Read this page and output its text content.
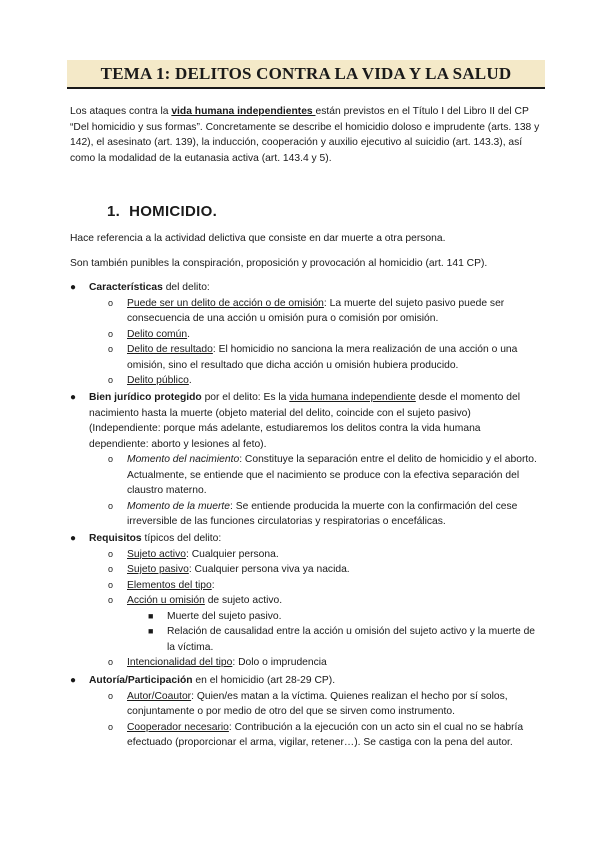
TEMA 1: DELITOS CONTRA LA VIDA Y LA SALUD
Los ataques contra la vida humana independientes están previstos en el Título I del Libro II del CP “Del homicidio y sus formas”. Concretamente se describe el homicidio doloso e imprudente (arts. 138 y 142), el asesinato (art. 139), la inducción, cooperación y auxilio ejecutivo al suicidio (art. 143.3), así como la modalidad de la eutanasia activa (art. 143.4 y 5).
1. HOMICIDIO.
Hace referencia a la actividad delictiva que consiste en dar muerte a otra persona.
Son también punibles la conspiración, proposición y provocación al homicidio (art. 141 CP).
● Características del delito:
o Puede ser un delito de acción o de omisión: La muerte del sujeto pasivo puede ser consecuencia de una acción u omisión pura o comisión por omisión.
o Delito común.
o Delito de resultado: El homicidio no sanciona la mera realización de una acción o una omisión, sino el resultado que dicha acción u omisión hubiera producido.
o Delito público.
● Bien jurídico protegido por el delito: Es la vida humana independiente desde el momento del nacimiento hasta la muerte (objeto material del delito, coincide con el sujeto pasivo) (Independiente: porque más adelante, estudiaremos los delitos contra la vida humana dependiente: aborto y lesiones al feto).
o Momento del nacimiento: Constituye la separación entre el delito de homicidio y el aborto. Actualmente, se entiende que el nacimiento se produce con la efectiva separación del claustro materno.
o Momento de la muerte: Se entiende producida la muerte con la confirmación del cese irreversible de las funciones circulatorias y respiratorias o encefálicas.
● Requisitos típicos del delito:
o Sujeto activo: Cualquier persona.
o Sujeto pasivo: Cualquier persona viva ya nacida.
o Elementos del tipo:
o Acción u omisión de sujeto activo.
■ Muerte del sujeto pasivo.
■ Relación de causalidad entre la acción u omisión del sujeto activo y la muerte de la víctima.
o Intencionalidad del tipo: Dolo o imprudencia
● Autoría/Participación en el homicidio (art 28-29 CP).
o Autor/Coautor: Quien/es matan a la víctima. Quienes realizan el hecho por sí solos, conjuntamente o por medio de otro del que se sirven como instrumento.
o Cooperador necesario: Contribución a la ejecución con un acto sin el cual no se habría efectuado (proporcionar el arma, vigilar, retener…). Se castiga con la pena del autor.
